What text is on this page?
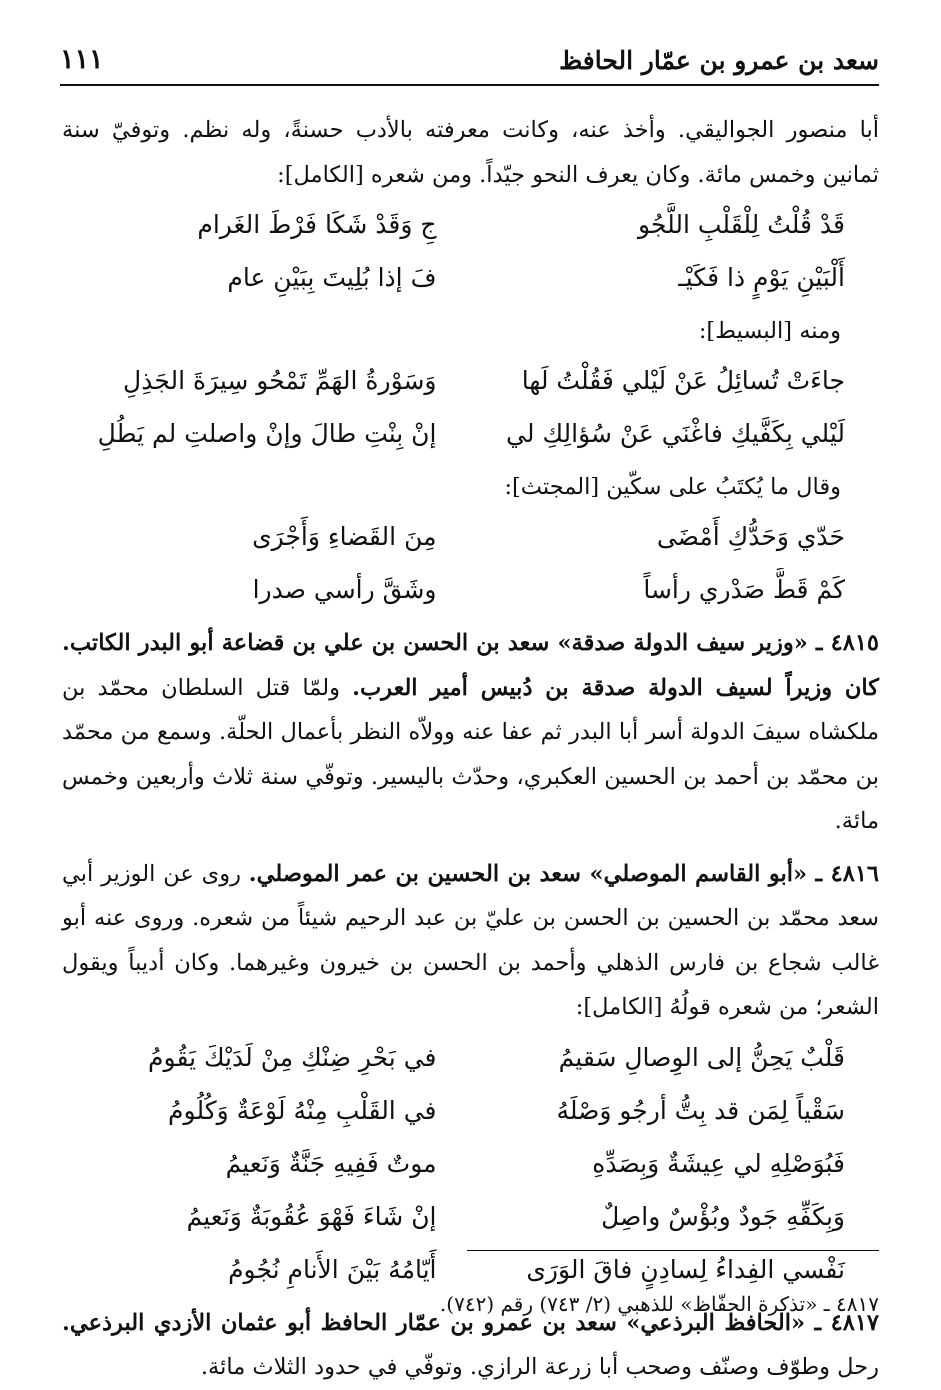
سعد بن عمرو بن عمّار الحافظ
١١١

أبا منصور الجواليقي. وأخذ عنه، وكانت معرفته بالأدب حسنةً، وله نظم. وتوفيّ سنة ثمانين وخمس مائة. وكان يعرف النحو جيّداً. ومن شعره [الكامل]:

قَدْ قُلْتُ لِلْقَلْبِ اللَّجُو
جِ وَقَدْ شَكَا فَرْطَ الغَرام
أَلْبَيْنِ يَوْمٍ ذا فَكَيْـ
فَ إذا بُلِيتَ بِبَيْنِ عام

ومنه [البسيط]:

جاءَتْ تُسائِلُ عَنْ لَيْلي فَقُلْتُ لَها
وَسَوْرةُ الهَمِّ تَمْحُو سِيرَةَ الجَذِلِ
لَيْلي بِكَفَّيكِ فاغْنَي عَنْ سُؤالِكِ لي
إنْ بِنْتِ طالَ وإنْ واصلتِ لم يَطُلِ

وقال ما يُكتَبُ على سكّين [المجتث]:

حَدّي وَحَدُّكِ أَمْضَى
مِنَ القَضاءِ وَأَجْرَى
كَمْ قَطَّ صَدْري رأساً
وشَقَّ رأسي صدرا

٤٨١٥ ـ «وزير سيف الدولة صدقة» سعد بن الحسن بن علي بن قضاعة أبو البدر الكاتب. كان وزيراً لسيف الدولة صدقة بن دُبيس أمير العرب. ولمّا قتل السلطان محمّد بن ملكشاه سيفَ الدولة أسر أبا البدر ثم عفا عنه وولاّه النظر بأعمال الحلّة. وسمع من محمّد بن محمّد بن أحمد بن الحسين العكبري، وحدّث باليسير. وتوفّي سنة ثلاث وأربعين وخمس مائة.

٤٨١٦ ـ «أبو القاسم الموصلي» سعد بن الحسين بن عمر الموصلي. روى عن الوزير أبي سعد محمّد بن الحسين بن الحسن بن عليّ بن عبد الرحيم شيئاً من شعره. وروى عنه أبو غالب شجاع بن فارس الذهلي وأحمد بن الحسن بن خيرون وغيرهما. وكان أديباً ويقول الشعر؛ من شعره قولُهُ [الكامل]:

قَلْبٌ يَحِنُّ إلى الوِصالِ سَقيمُ
في بَحْرِ ضِنْكِ مِنْ لَدَيْكَ يَقُومُ
سَقْياً لِمَن قد بِتُّ أرجُو وَصْلَهُ
في القَلْبِ مِنْهُ لَوْعَةٌ وَكُلُومُ
فَبُوَصْلِهِ لي عِيشَةٌ وَبِصَدِّهِ
موتٌ فَفِيهِ جَنَّةٌ وَنَعيمُ
وَبِكَفِّهِ جَودٌ وبُؤْسٌ واصِلٌ
إنْ شَاءَ فَهْوَ عُقُوبَةٌ وَنَعيمُ
نَفْسي الفِداءُ لِسادِنٍ فاقَ الوَرَى
أَيّامُهُ بَيْنَ الأَنامِ نُجُومُ

٤٨١٧ ـ «الحافظ البرذعي» سعد بن عمرو بن عمّار الحافظ أبو عثمان الأزدي البرذعي. رحل وطوّف وصنّف وصحب أبا زرعة الرازي. وتوفّي في حدود الثلاث مائة.

٤٨١٧ ـ «تذكرة الحفّاظ» للذهبي (٢/ ٧٤٣) رقم (٧٤٢).
